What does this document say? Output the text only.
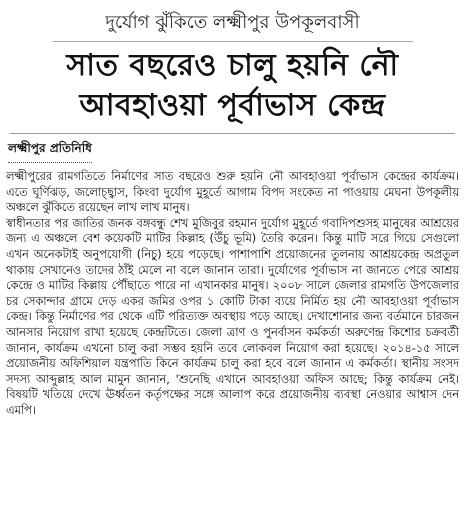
দুর্যোগ ঝুঁকিতে লক্ষ্মীপুর উপকূলবাসী
সাত বছরেও চালু হয়নি নৌ
আবহাওয়া পূর্বাভাস কেন্দ্র
লক্ষ্মীপুর প্রতিনিধি

লক্ষ্মীপুরের রামগতিতে নির্মাণের সাত বছরেও শুরু হয়নি নৌ আবহাওয়া পূর্বাভাস কেন্দ্রের কার্যক্রম। এতে ঘূর্ণিঝড়, জলোচ্ছ্বাস, কিংবা দুর্যোগ মুহূর্তে আগাম বিপদ সংকেত না পাওয়ায় মেঘনা উপকূলীয় অঞ্চলে ঝুঁকিতে রয়েছেন লাখ লাখ মানুষ।

স্বাধীনতার পর জাতির জনক বঙ্গবন্ধু শেখ মুজিবুর রহমান দুর্যোগ মুহূর্তে গবাদিপশুসহ মানুষের আশ্রয়ের জন্য এ অঞ্চলে বেশ কয়েকটি মাটির কিল্লাহ (উঁচু ভূমি) তৈরি করেন। কিন্তু মাটি সরে গিয়ে সেগুলো এখন অনেকটাই অনুপযোগী (নিচু) হয়ে পড়েছে। পাশাপাশি প্রয়োজনের তুলনায় আশ্রয়কেন্দ্র অপ্রতুল থাকায় সেখানেও তাদের ঠাঁই মেলে না বলে জানান তারা। দুর্যোগের পূর্বাভাস না জানতে পেরে আশ্রয় কেন্দ্রে ও মাটির কিল্লায় পৌঁছাতে পারে না এখানকার মানুষ। ২০০৮ সালে জেলার রামগতি উপজেলার চর সেকান্দার গ্রামে দেড় একর জমির ওপর ১ কোটি টাকা ব্যয়ে নির্মিত হয় নৌ আবহাওয়া পূর্বাভাস কেন্দ্র। কিন্তু নির্মাণের পর থেকে এটি পরিত্যক্ত অবস্থায় পড়ে আছে। দেখাশোনার জন্য বর্তমানে চারজন আনসার নিয়োগ রাখা হয়েছে কেন্দ্রটিতে। জেলা ত্রাণ ও পুনর্বাসন কর্মকর্তা অরুণেন্দ্র কিশোর চক্রবর্তী জানান, কার্যক্রম এখনো চালু করা সম্ভব হয়নি তবে লোকবল নিয়োগ করা হয়েছে। ২০১৪-১৫ সালে প্রয়োজনীয় অফিশিয়াল যন্ত্রপাতি কিনে কার্যক্রম চালু করা হবে বলে জানান এ কর্মকর্তা। স্থানীয় সংসদ সদস্য আব্দুল্লাহ আল মামুন জানান, 'শুনেছি এখানে আবহাওয়া অফিস আছে; কিন্তু কার্যক্রম নেই। বিষয়টি খতিয়ে দেখে ঊর্ধ্বতন কর্তৃপক্ষের সঙ্গে আলাপ করে প্রয়োজনীয় ব্যবস্থা নেওয়ার আশ্বাস দেন এমপি।
